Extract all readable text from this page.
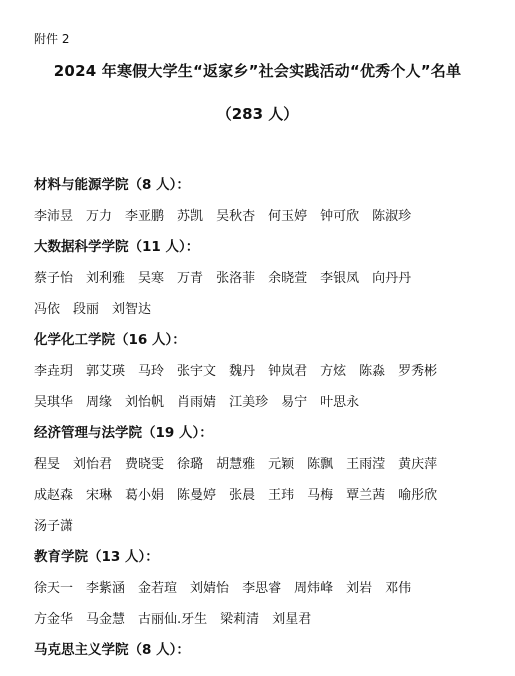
附件 2
2024 年寒假大学生“返家乡”社会实践活动“优秀个人”名单
（283 人）
材料与能源学院（8 人）：
李沛昱 万力 李亚鹏 苏凯 吴秋杏 何玉婷 钟可欣 陈淑珍
大数据科学学院（11 人）：
蔡子怡 刘利雅 吴寒 万青 张洛菲 余晓萱 李银凤 向丹丹
冯依 段丽 刘智达
化学化工学院（16 人）：
李垚玥 郭艾瑛 马玲 张宇文 魏丹 钟岚君 方炫 陈淼 罗秀彬
吴琪华 周缘 刘怡帆 肖雨婧 江美珍 易宁 叶思永
经济管理与法学院（19 人）：
程旻 刘怡君 费晓雯 徐璐 胡慧雅 元颖 陈飘 王雨滢 黄庆萍
成赵森 宋琳 葛小娟 陈曼婷 张晨 王玮 马梅 覃兰茜 喻彤欣
汤子潇
教育学院（13 人）：
徐天一 李紫涵 金若瑄 刘婧怡 李思睿 周炜峰 刘岩 邓伟
方金华 马金慧 古丽仙.牙生 梁莉清 刘星君
马克思主义学院（8 人）：
